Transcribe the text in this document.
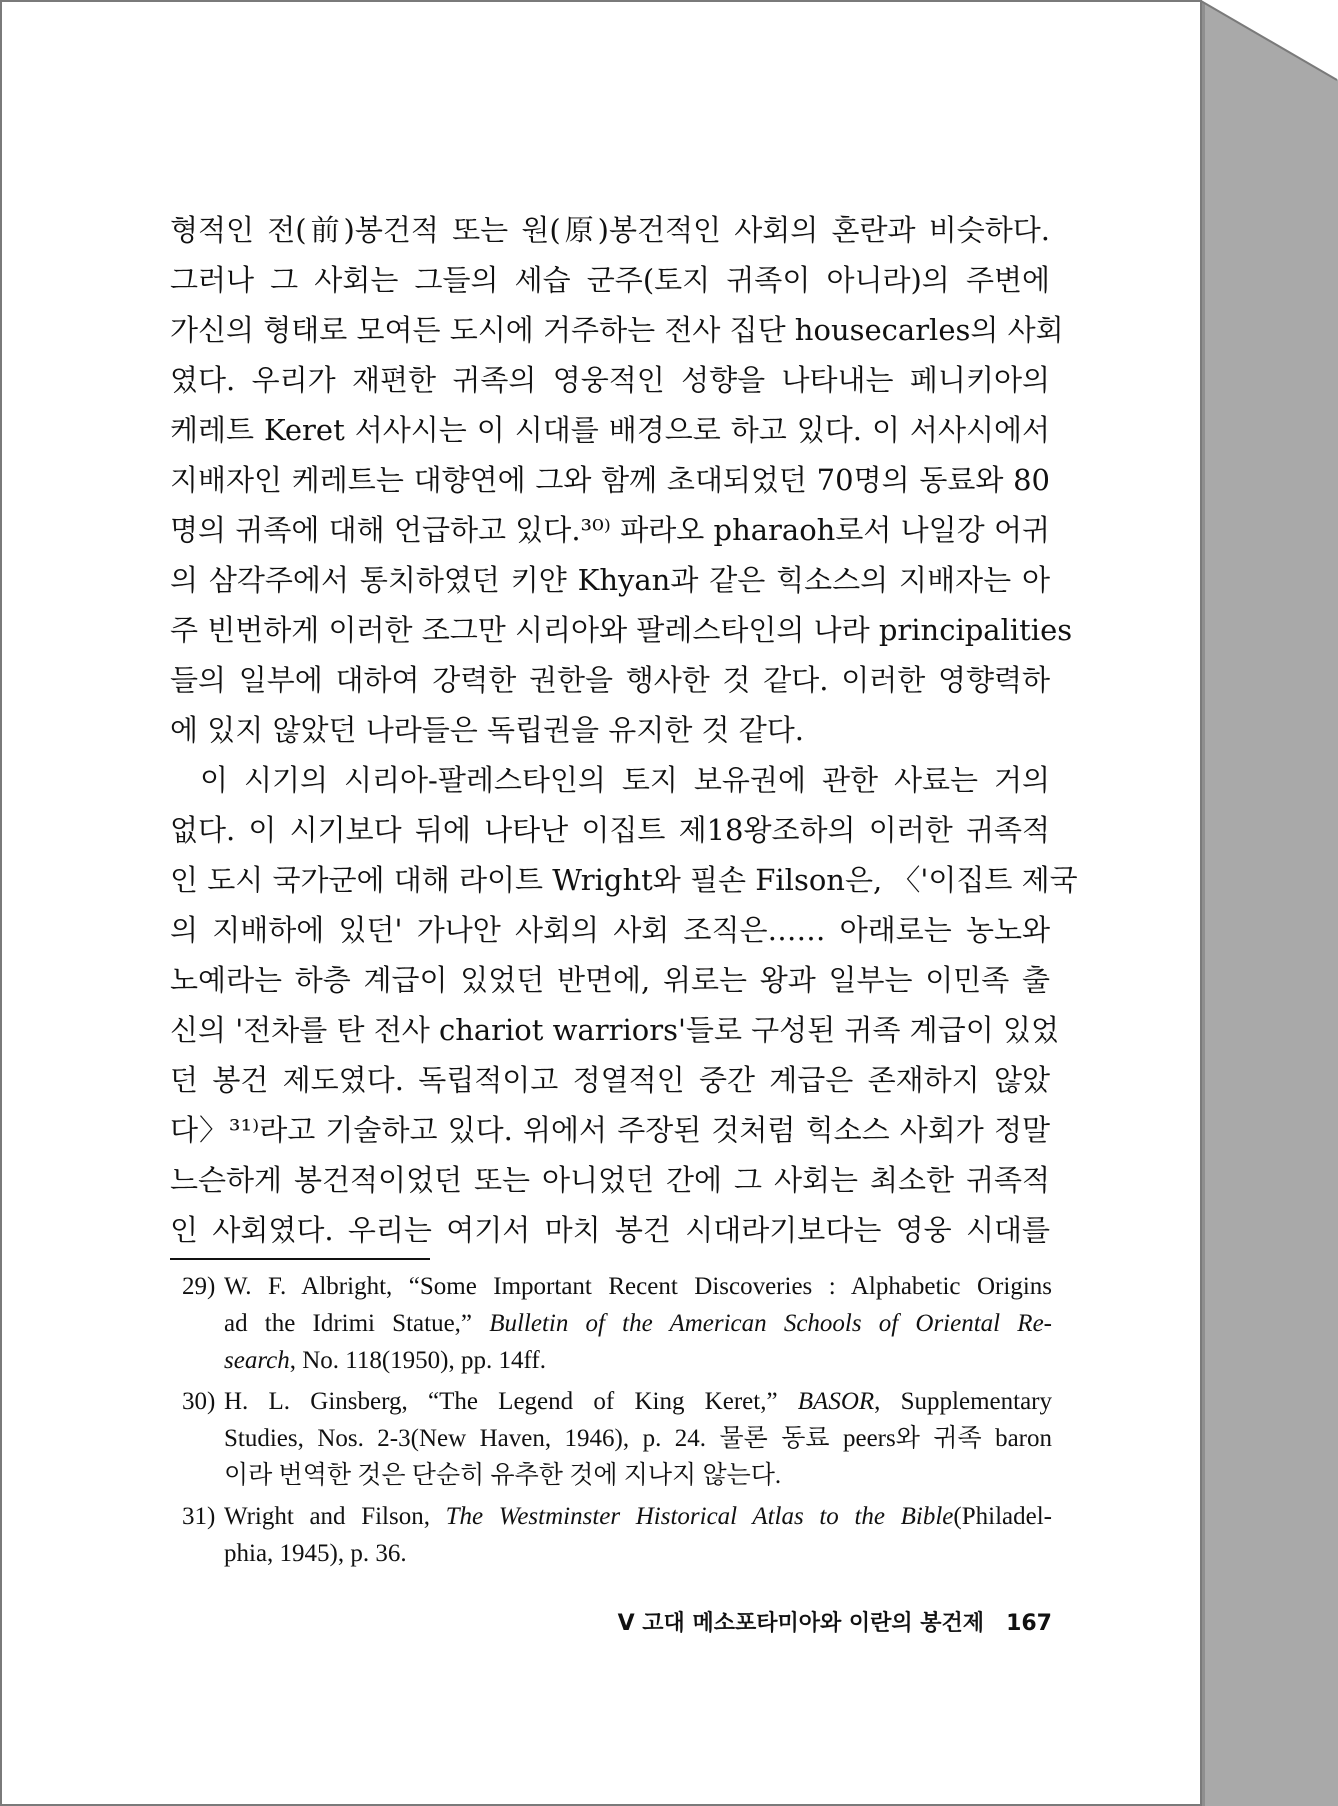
형적인 전(前)봉건적 또는 원(原)봉건적인 사회의 혼란과 비슷하다.
그러나 그 사회는 그들의 세습 군주(토지 귀족이 아니라)의 주변에
가신의 형태로 모여든 도시에 거주하는 전사 집단 housecarles의 사회
였다. 우리가 재편한 귀족의 영웅적인 성향을 나타내는 페니키아의
케레트 Keret 서사시는 이 시대를 배경으로 하고 있다. 이 서사시에서
지배자인 케레트는 대향연에 그와 함께 초대되었던 70명의 동료와 80
명의 귀족에 대해 언급하고 있다.³⁰⁾ 파라오 pharaoh로서 나일강 어귀
의 삼각주에서 통치하였던 키얀 Khyan과 같은 힉소스의 지배자는 아
주 빈번하게 이러한 조그만 시리아와 팔레스타인의 나라 principalities
들의 일부에 대하여 강력한 권한을 행사한 것 같다. 이러한 영향력하
에 있지 않았던 나라들은 독립권을 유지한 것 같다.
이 시기의 시리아-팔레스타인의 토지 보유권에 관한 사료는 거의
없다. 이 시기보다 뒤에 나타난 이집트 제18왕조하의 이러한 귀족적
인 도시 국가군에 대해 라이트 Wright와 필손 Filson은, 〈'이집트 제국
의 지배하에 있던' 가나안 사회의 사회 조직은…… 아래로는 농노와
노예라는 하층 계급이 있었던 반면에, 위로는 왕과 일부는 이민족 출
신의 '전차를 탄 전사 chariot warriors'들로 구성된 귀족 계급이 있었
던 봉건 제도였다. 독립적이고 정열적인 중간 계급은 존재하지 않았
다〉³¹⁾라고 기술하고 있다. 위에서 주장된 것처럼 힉소스 사회가 정말
느슨하게 봉건적이었던 또는 아니었던 간에 그 사회는 최소한 귀족적
인 사회였다. 우리는 여기서 마치 봉건 시대라기보다는 영웅 시대를
29) W. F. Albright, “Some Important Recent Discoveries : Alphabetic Origins
ad the Idrimi Statue,” Bulletin of the American Schools of Oriental Re-
search, No. 118(1950), pp. 14ff.
30) H. L. Ginsberg, “The Legend of King Keret,” BASOR, Supplementary
Studies, Nos. 2-3(New Haven, 1946), p. 24. 물론 동료 peers와 귀족 baron
이라 번역한 것은 단순히 유추한 것에 지나지 않는다.
31) Wright and Filson, The Westminster Historical Atlas to the Bible(Philadel-
phia, 1945), p. 36.
V 고대 메소포타미아와 이란의 봉건제 167
